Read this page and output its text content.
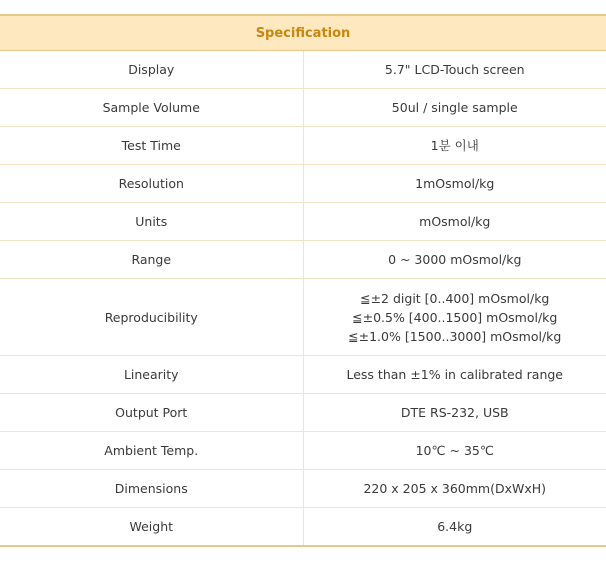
Specification	
Display	5.7" LCD-Touch screen
Sample Volume	50ul / single sample
Test Time	1분 이내
Resolution	1mOsmol/kg
Units	mOsmol/kg
Range	0 ~ 3000 mOsmol/kg
Reproducibility	≦±2 digit [0..400] mOsmol/kg
≦±0.5% [400..1500] mOsmol/kg
≦±1.0% [1500..3000] mOsmol/kg

Linearity	Less than ±1% in calibrated range
Output Port	DTE RS-232, USB
Ambient Temp.	10℃ ~ 35℃
Dimensions	220 x 205 x 360mm(DxWxH)
Weight	6.4kg
